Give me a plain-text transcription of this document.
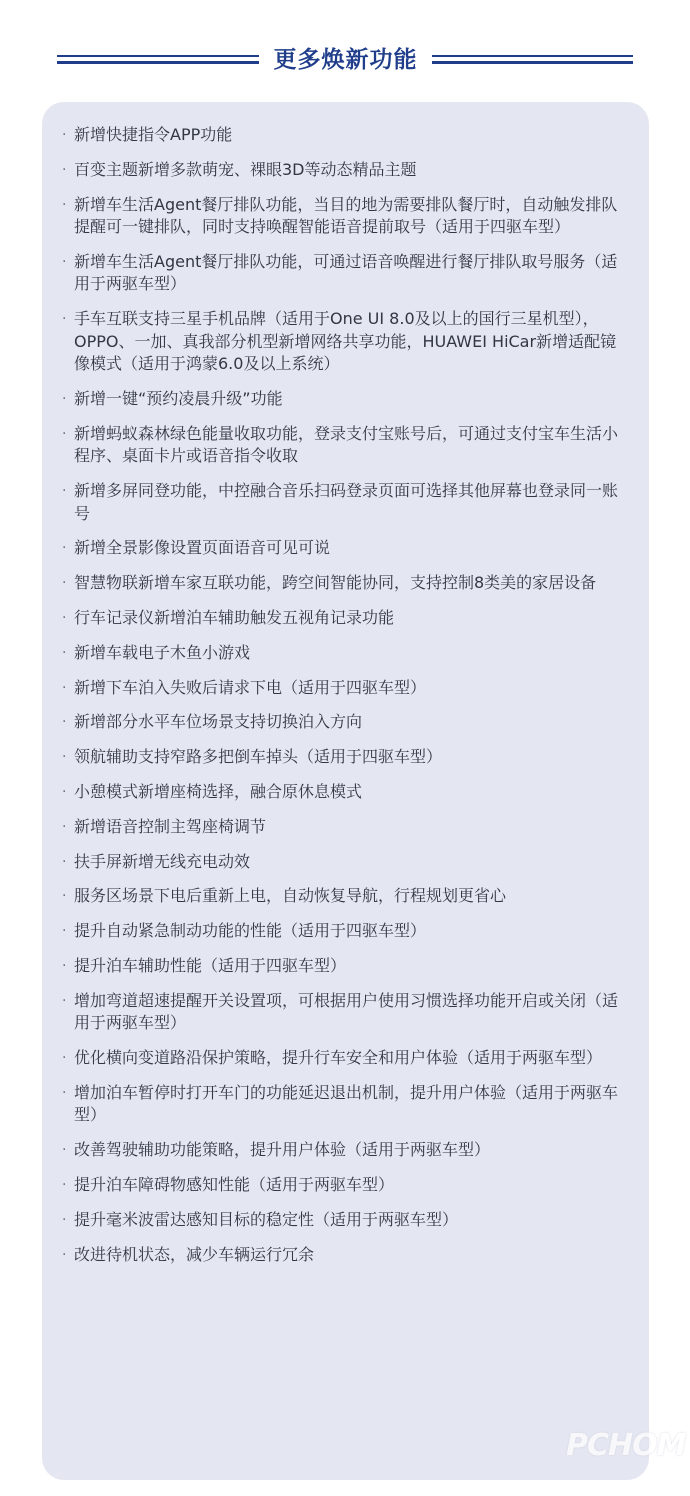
更多焕新功能
· 新增快捷指令APP功能
· 百变主题新增多款萌宠、裸眼3D等动态精品主题
· 新增车生活Agent餐厅排队功能，当目的地为需要排队餐厅时，自动触发排队提醒可一键排队，同时支持唤醒智能语音提前取号（适用于四驱车型）
· 新增车生活Agent餐厅排队功能，可通过语音唤醒进行餐厅排队取号服务（适用于两驱车型）
· 手车互联支持三星手机品牌（适用于One UI 8.0及以上的国行三星机型），OPPO、一加、真我部分机型新增网络共享功能，HUAWEI HiCar新增适配镜像模式（适用于鸿蒙6.0及以上系统）
· 新增一键“预约凌晨升级”功能
· 新增蚂蚁森林绿色能量收取功能，登录支付宝账号后，可通过支付宝车生活小程序、桌面卡片或语音指令收取
· 新增多屏同登功能，中控融合音乐扫码登录页面可选择其他屏幕也登录同一账号
· 新增全景影像设置页面语音可见可说
· 智慧物联新增车家互联功能，跨空间智能协同，支持控制8类美的家居设备
· 行车记录仪新增泊车辅助触发五视角记录功能
· 新增车载电子木鱼小游戏
· 新增下车泊入失败后请求下电（适用于四驱车型）
· 新增部分水平车位场景支持切换泊入方向
· 领航辅助支持窄路多把倒车掉头（适用于四驱车型）
· 小憩模式新增座椅选择，融合原休息模式
· 新增语音控制主驾座椅调节
· 扶手屏新增无线充电动效
· 服务区场景下电后重新上电，自动恢复导航，行程规划更省心
· 提升自动紧急制动功能的性能（适用于四驱车型）
· 提升泊车辅助性能（适用于四驱车型）
· 增加弯道超速提醒开关设置项，可根据用户使用习惯选择功能开启或关闭（适用于两驱车型）
· 优化横向变道路沿保护策略，提升行车安全和用户体验（适用于两驱车型）
· 增加泊车暂停时打开车门的功能延迟退出机制，提升用户体验（适用于两驱车型）
· 改善驾驶辅助功能策略，提升用户体验（适用于两驱车型）
· 提升泊车障碍物感知性能（适用于两驱车型）
· 提升毫米波雷达感知目标的稳定性（适用于两驱车型）
· 改进待机状态，减少车辆运行冗余
PCHOM
